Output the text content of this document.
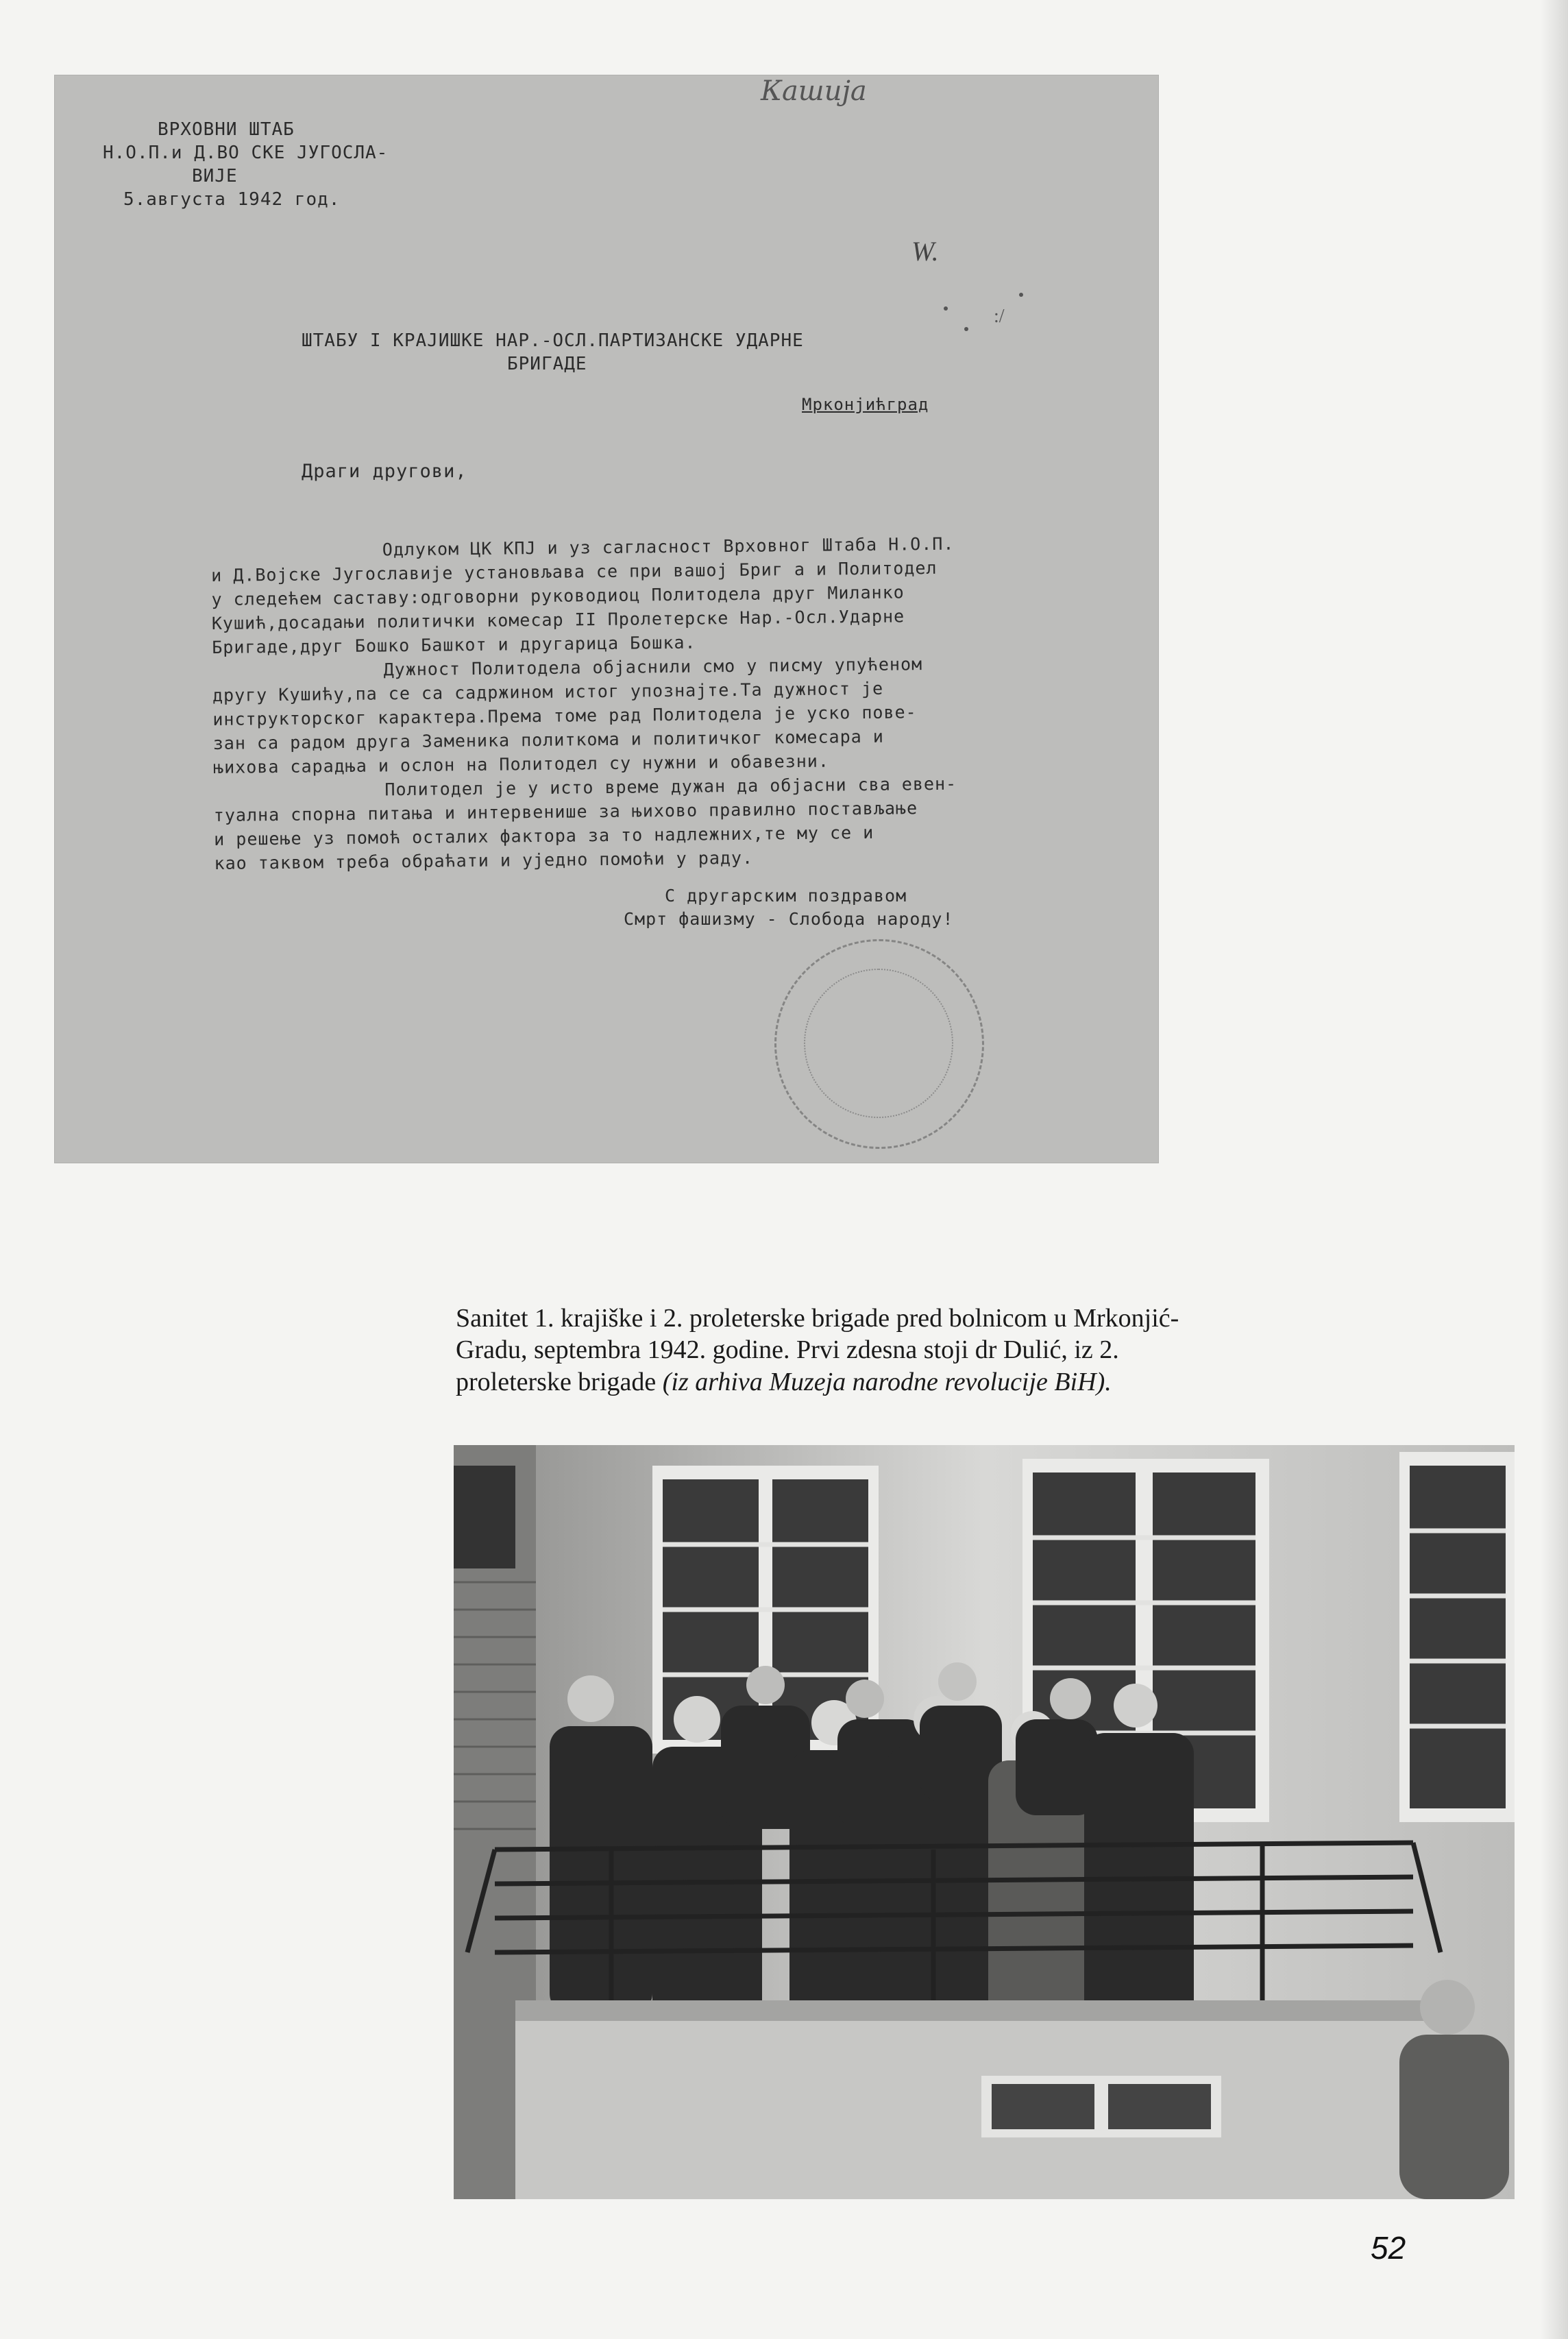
Кашија
W.
:/
ВРХОВНИ ШТАБ
Н.О.П.и Д.ВО СКЕ ЈУГОСЛА-
ВИЈЕ
5.августа 1942 год.
ШТАБУ I КРАЈИШКЕ НАР.-ОСЛ.ПАРТИЗАНСКЕ УДАРНЕ
БРИГАДЕ
Мрконјићград
Драги другови,
Одлуком ЦК КПЈ и уз сагласност Врховног Штаба Н.О.П.
и Д.Војске Југославије установљава се при вашој Бриг а и Политодел
у следећем саставу:одговорни руководиоц Политодела друг Миланко
Кушић,досадањи политички комесар II Пролетерске Нар.-Осл.Ударне
Бригаде,друг Бошко Башкот и другарица Бошка.
Дужност Политодела објаснили смо у писму упућеном
другу Кушићу,па се са садржином истог упознајте.Та дужност је
инструкторског карактера.Према томе рад Политодела је уско пове-
зан са радом друга Заменика политкома и политичког комесара и
њихова сарадња и ослон на Политодел су нужни и обавезни.
Политодел је у исто време дужан да објасни сва евен-
туална спорна питања и интервенише за њихово правилно постављање
и решење уз помоћ осталих фактора за то надлежних,те му се и
као таквом треба обраћати и уједно помоћи у раду.
С другарским поздравом
Смрт фашизму - Слобода народу!
Sanitet 1. krajiške i 2. proleterske brigade pred bolnicom u Mrkonjić-Gradu, septembra 1942. godine. Prvi zdesna stoji dr Dulić, iz 2. proleterske brigade (iz arhiva Muzeja narodne revolucije BiH).
52
